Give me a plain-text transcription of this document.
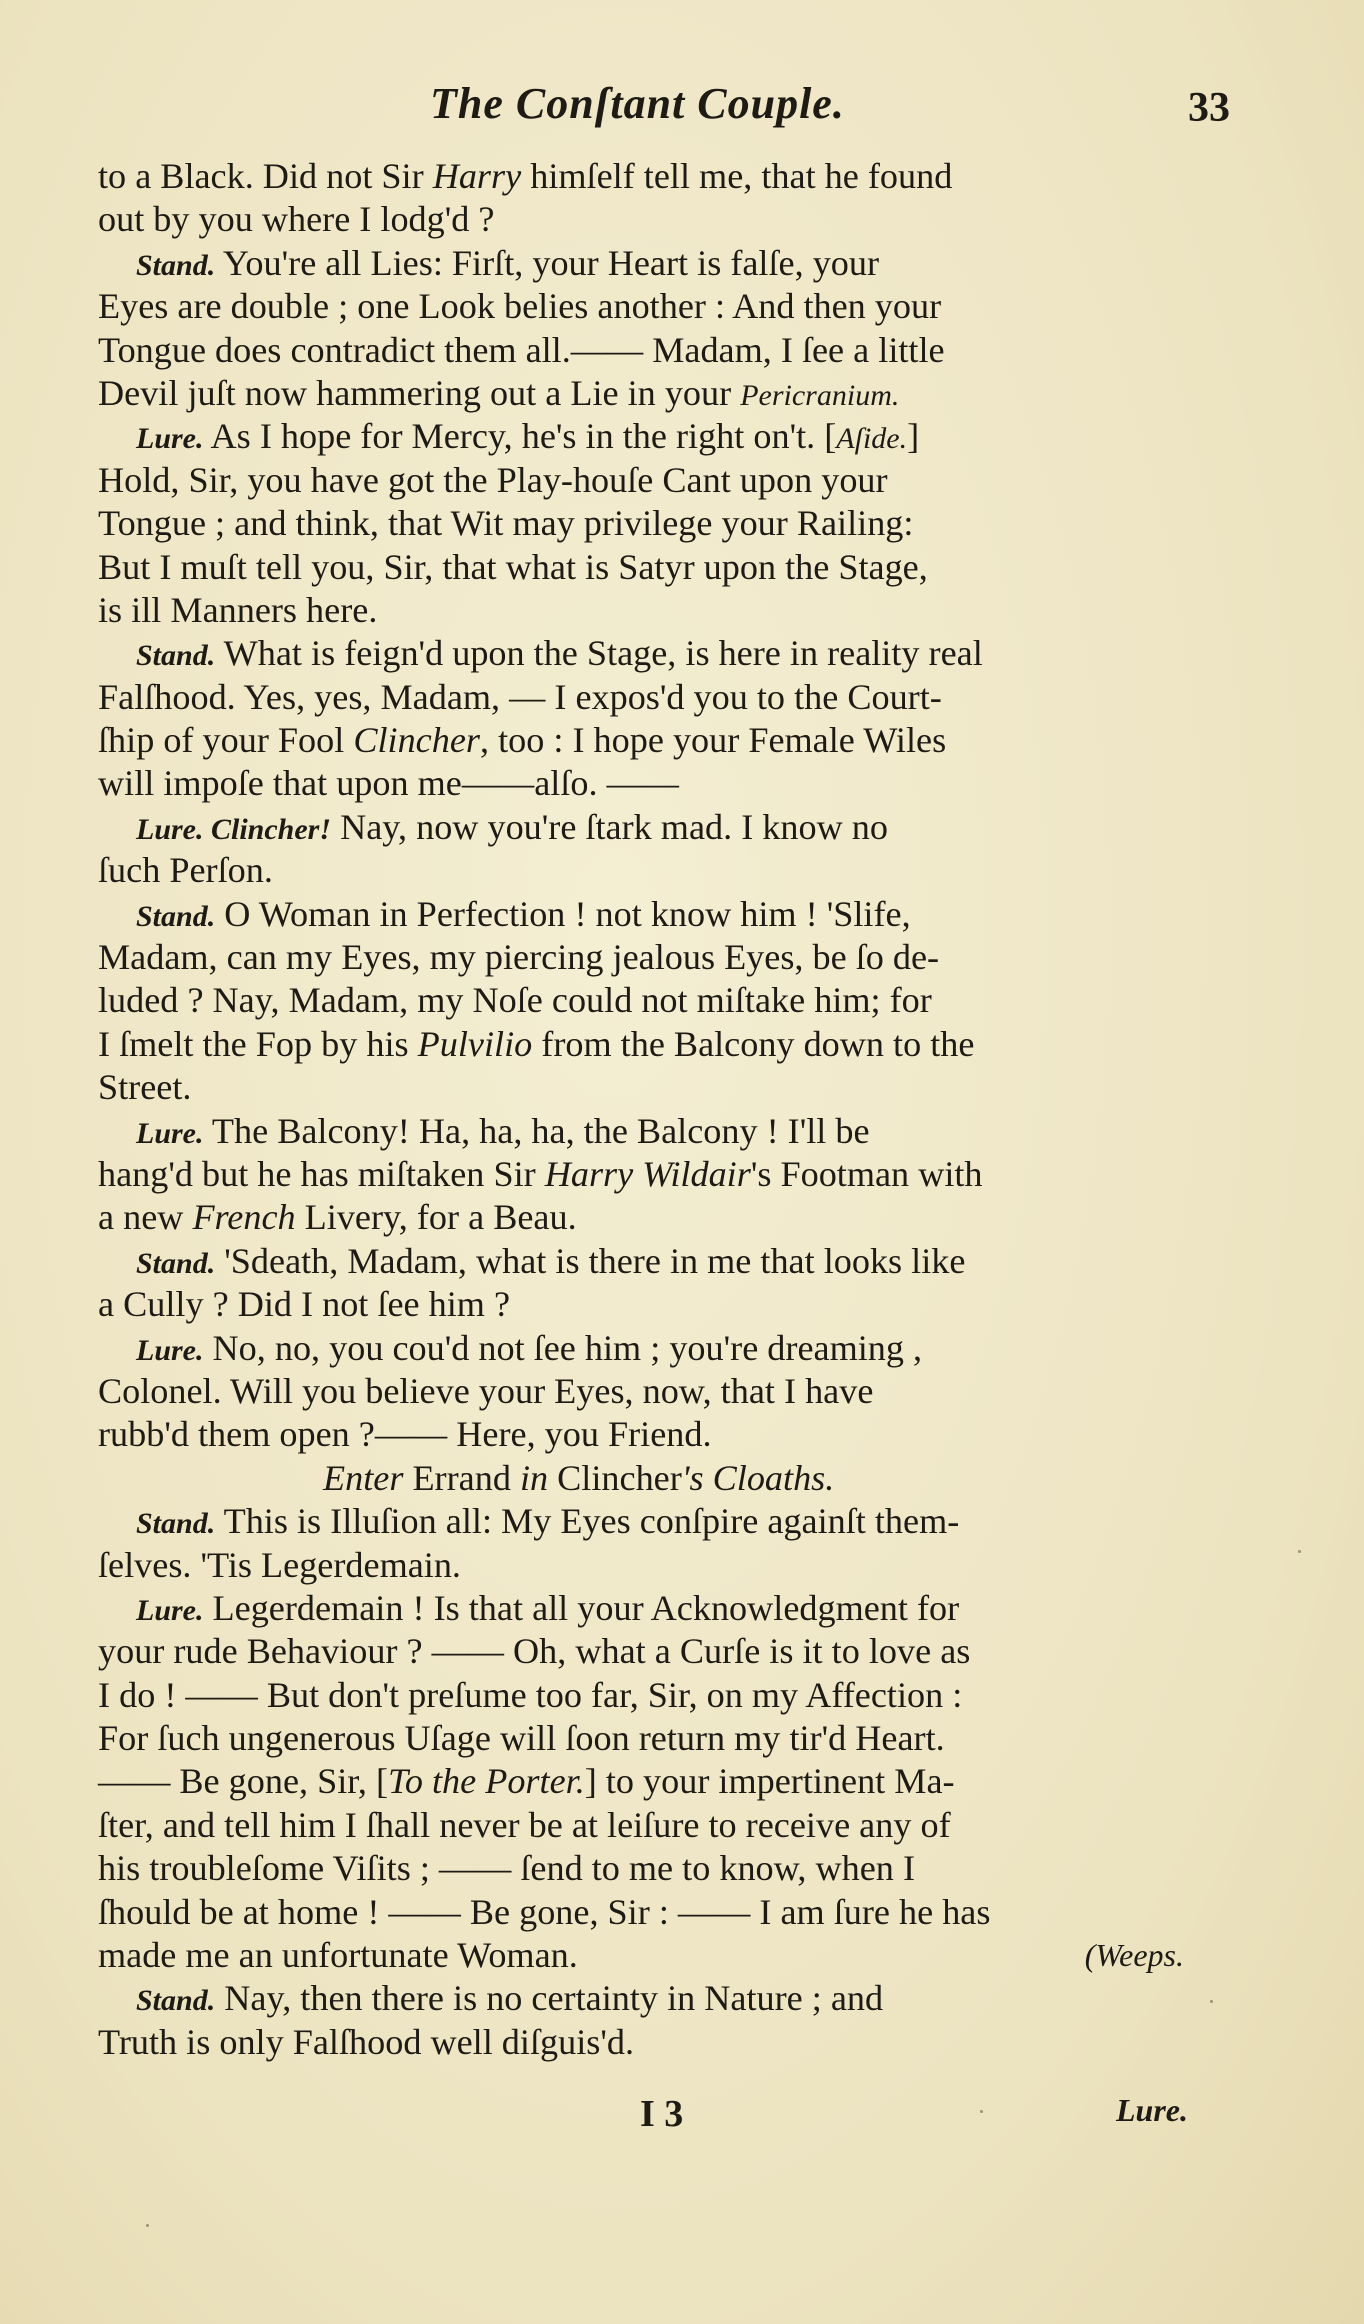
The Conſtant Couple.	33
to a Black. Did not Sir Harry himſelf tell me, that he found
out by you where I lodg'd ?
Stand. You're all Lies: Firſt, your Heart is falſe, your
Eyes are double ; one Look belies another : And then your
Tongue does contradict them all.—— Madam, I ſee a little
Devil juſt now hammering out a Lie in your Pericranium.
Lure. As I hope for Mercy, he's in the right on't. [Aſide.]
Hold, Sir, you have got the Play-houſe Cant upon your
Tongue ; and think, that Wit may privilege your Railing:
But I muſt tell you, Sir, that what is Satyr upon the Stage,
is ill Manners here.
Stand. What is feign'd upon the Stage, is here in reality real
Falſhood. Yes, yes, Madam, — I expos'd you to the Court-
ſhip of your Fool Clincher, too : I hope your Female Wiles
will impoſe that upon me——alſo. ——
Lure. Clincher! Nay, now you're ſtark mad. I know no
ſuch Perſon.
Stand. O Woman in Perfection ! not know him ! 'Slife,
Madam, can my Eyes, my piercing jealous Eyes, be ſo de-
luded ? Nay, Madam, my Noſe could not miſtake him; for
I ſmelt the Fop by his Pulvilio from the Balcony down to the
Street.
Lure. The Balcony! Ha, ha, ha, the Balcony ! I'll be
hang'd but he has miſtaken Sir Harry Wildair's Footman with
a new French Livery, for a Beau.
Stand. 'Sdeath, Madam, what is there in me that looks like
a Cully ? Did I not ſee him ?
Lure. No, no, you cou'd not ſee him ; you're dreaming ,
Colonel. Will you believe your Eyes, now, that I have
rubb'd them open ?—— Here, you Friend.
Enter Errand in Clincher's Cloaths.
Stand. This is Illuſion all: My Eyes conſpire againſt them-
ſelves. 'Tis Legerdemain.
Lure. Legerdemain ! Is that all your Acknowledgment for
your rude Behaviour ? —— Oh, what a Curſe is it to love as
I do ! —— But don't preſume too far, Sir, on my Affection :
For ſuch ungenerous Uſage will ſoon return my tir'd Heart.
—— Be gone, Sir, [To the Porter.] to your impertinent Ma-
ſter, and tell him I ſhall never be at leiſure to receive any of
his troubleſome Viſits ; —— ſend to me to know, when I
ſhould be at home ! —— Be gone, Sir : —— I am ſure he has
made me an unfortunate Woman.	(Weeps.
Stand. Nay, then there is no certainty in Nature ; and
Truth is only Falſhood well diſguis'd.
I 3	Lure.
